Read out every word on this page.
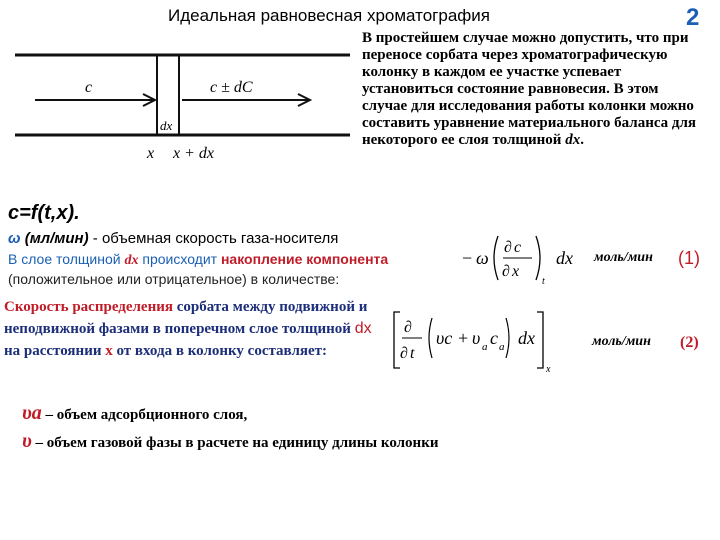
Идеальная равновесная хроматография	2
c	c ± dC
dx
x x + dx
В простейшем случае можно допустить, что при переносе сорбата через хроматографическую колонку в каждом ее участке успевает установиться состояние равновесия. В этом случае для исследования работы колонки можно составить уравнение материального баланса для некоторого ее слоя толщиной dx.
c=f(t,x).
ω (мл/мин) - объемная скорость газа-носителя
В слое толщиной dx происходит накопление компонента
(положительное или отрицательное) в количестве:
− ω
∂ c
∂ x
t
dx моль/мин (1)
Скорость распределения сорбата между подвижной и неподвижной фазами в поперечном слое толщиной dx на расстоянии x от входа в колонку составляет:
∂
∂ t
υc + υ a c a dx
x
моль/мин (2)
υa – объем адсорбционного слоя,
υ – объем газовой фазы в расчете на единицу длины колонки
